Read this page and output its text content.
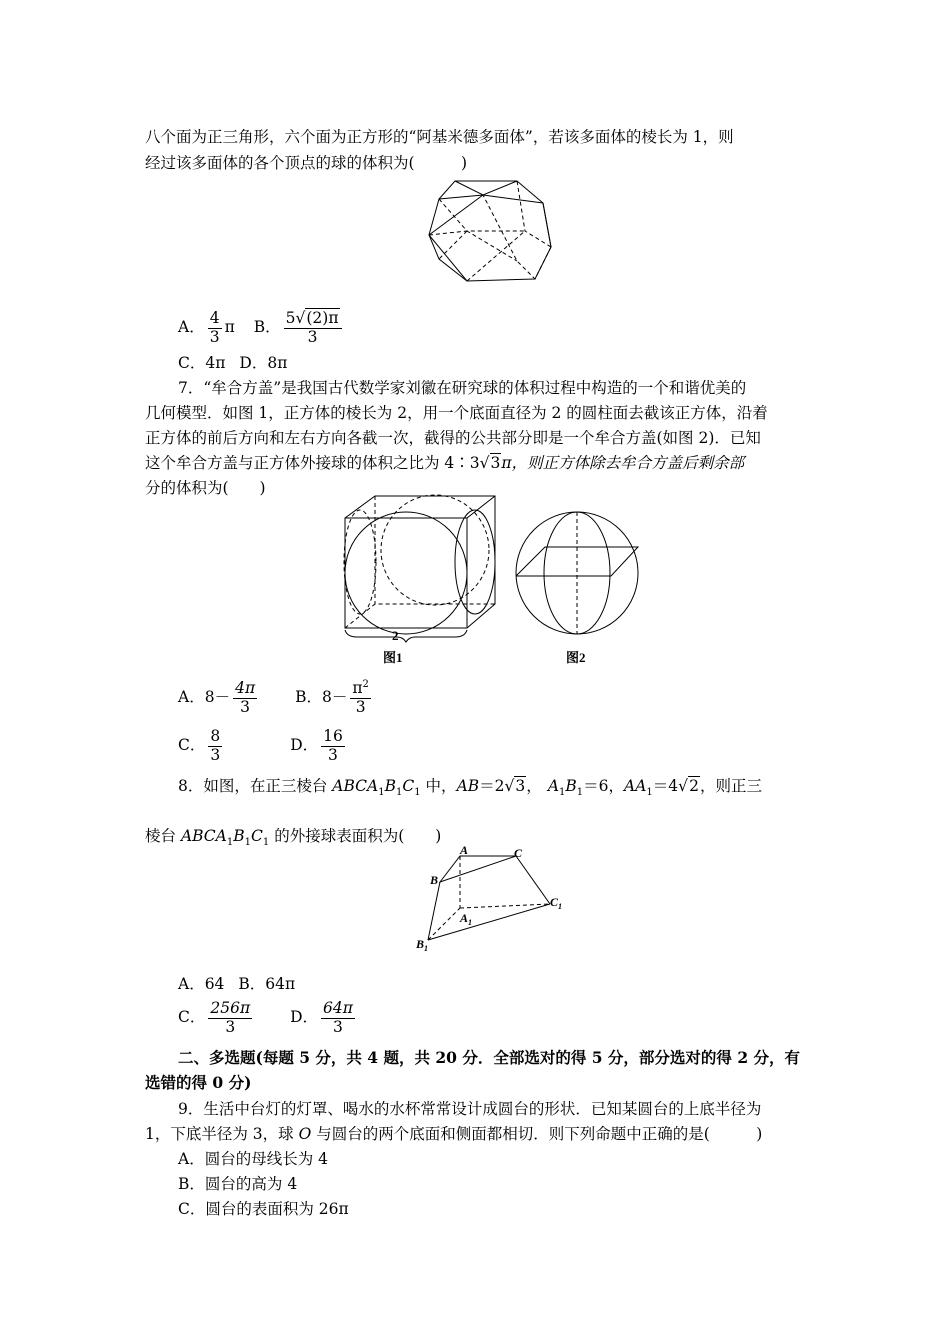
八个面为正三角形，六个面为正方形的“阿基米德多面体”，若该多面体的棱长为 1，则
经过该多面体的各个顶点的球的体积为(　　　)
A． $\frac{4}{3}$ π B． $\frac{5√(2)\pi}{3}$
C．4π D．8π
7．“牟合方盖”是我国古代数学家刘徽在研究球的体积过程中构造的一个和谐优美的
几何模型．如图 1，正方体的棱长为 2，用一个底面直径为 2 的圆柱面去截该正方体，沿着
正方体的前后方向和左右方向各截一次，截得的公共部分即是一个牟合方盖(如图 2)．已知
这个牟合方盖与正方体外接球的体积之比为 4∶3√3π，则正方体除去牟合方盖后剩余部
分的体积为(　　)
2
图1	图2
A．$8- \frac{4\pi}{3}$ B．$8- \frac{\pi^2}{3}$
C． $\frac{8}{3}$	D． $\frac{16}{3}$
8．如图，在正三棱台 $ABCA_1B_1C_1$ 中，AB＝2√3， $A_1B_1=6$，$AA_1=4√2$，则正三
棱台 $ABCA_1B_1C_1$ 的外接球表面积为(　　)
A
B
C
$A_1$
$B_1$
$C_1$
A．64 B．64π
C． $\frac{256\pi}{3}$ D． $\frac{64\pi}{3}$
二、多选题(每题 5 分，共 4 题，共 20 分．全部选对的得 5 分，部分选对的得 2 分，有
选错的得 0 分)
9．生活中台灯的灯罩、喝水的水杯常常设计成圆台的形状．已知某圆台的上底半径为
1，下底半径为 3，球 O 与圆台的两个底面和侧面都相切．则下列命题中正确的是(　　　)
A．圆台的母线长为 4
B．圆台的高为 4
C．圆台的表面积为 26π
